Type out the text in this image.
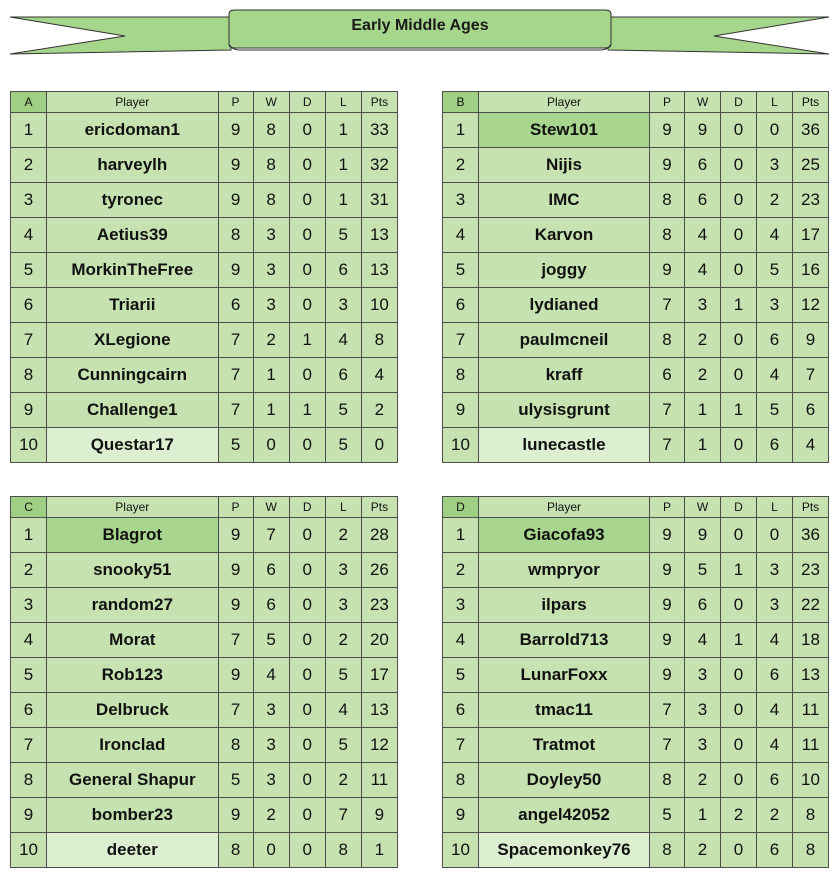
Early Middle Ages
A	Player	P	W	D	L	Pts
1	ericdoman1	9	8	0	1	33
2	harveylh	9	8	0	1	32
3	tyronec	9	8	0	1	31
4	Aetius39	8	3	0	5	13
5	MorkinTheFree	9	3	0	6	13
6	Triarii	6	3	0	3	10
7	XLegione	7	2	1	4	8
8	Cunningcairn	7	1	0	6	4
9	Challenge1	7	1	1	5	2
10	Questar17	5	0	0	5	0
B	Player	P	W	D	L	Pts
1	Stew101	9	9	0	0	36
2	Nijis	9	6	0	3	25
3	IMC	8	6	0	2	23
4	Karvon	8	4	0	4	17
5	joggy	9	4	0	5	16
6	lydianed	7	3	1	3	12
7	paulmcneil	8	2	0	6	9
8	kraff	6	2	0	4	7
9	ulysisgrunt	7	1	1	5	6
10	lunecastle	7	1	0	6	4
C	Player	P	W	D	L	Pts
1	Blagrot	9	7	0	2	28
2	snooky51	9	6	0	3	26
3	random27	9	6	0	3	23
4	Morat	7	5	0	2	20
5	Rob123	9	4	0	5	17
6	Delbruck	7	3	0	4	13
7	Ironclad	8	3	0	5	12
8	General Shapur	5	3	0	2	11
9	bomber23	9	2	0	7	9
10	deeter	8	0	0	8	1
D	Player	P	W	D	L	Pts
1	Giacofa93	9	9	0	0	36
2	wmpryor	9	5	1	3	23
3	ilpars	9	6	0	3	22
4	Barrold713	9	4	1	4	18
5	LunarFoxx	9	3	0	6	13
6	tmac11	7	3	0	4	11
7	Tratmot	7	3	0	4	11
8	Doyley50	8	2	0	6	10
9	angel42052	5	1	2	2	8
10	Spacemonkey76	8	2	0	6	8
